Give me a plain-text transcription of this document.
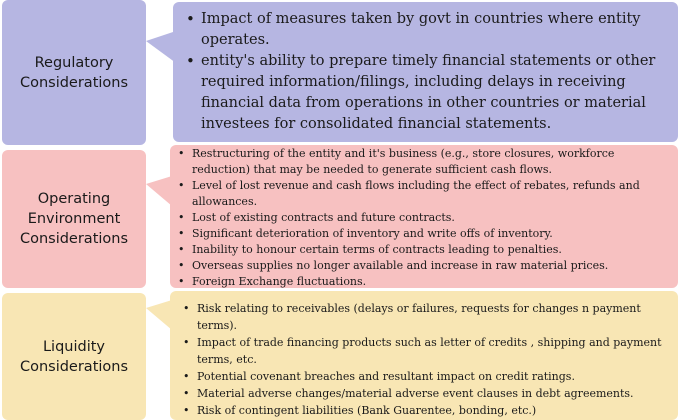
Regulatory
Considerations
• Impact of measures taken by govt in countries where entity operates.
• entity's ability to prepare timely financial statements or other required information/filings, including delays in receiving financial data from operations in other countries or material investees for consolidated financial statements.
Operating
Environment
Considerations
• Restructuring of the entity and it's business (e.g., store closures, workforce reduction) that may be needed to generate sufficient cash flows.
• Level of lost revenue and cash flows including the effect of rebates, refunds and allowances.
• Lost of existing contracts and future contracts.
• Significant deterioration of inventory and write offs of inventory.
• Inability to honour certain terms of contracts leading to penalties.
• Overseas supplies no longer available and increase in raw material prices.
• Foreign Exchange fluctuations.
Liquidity
Considerations
• Risk relating to receivables (delays or failures, requests for changes n payment terms).
• Impact of trade financing products such as letter of credits , shipping and payment terms, etc.
• Potential covenant breaches and resultant impact on credit ratings.
• Material adverse changes/material adverse event clauses in debt agreements.
• Risk of contingent liabilities (Bank Guarentee, bonding, etc.)
